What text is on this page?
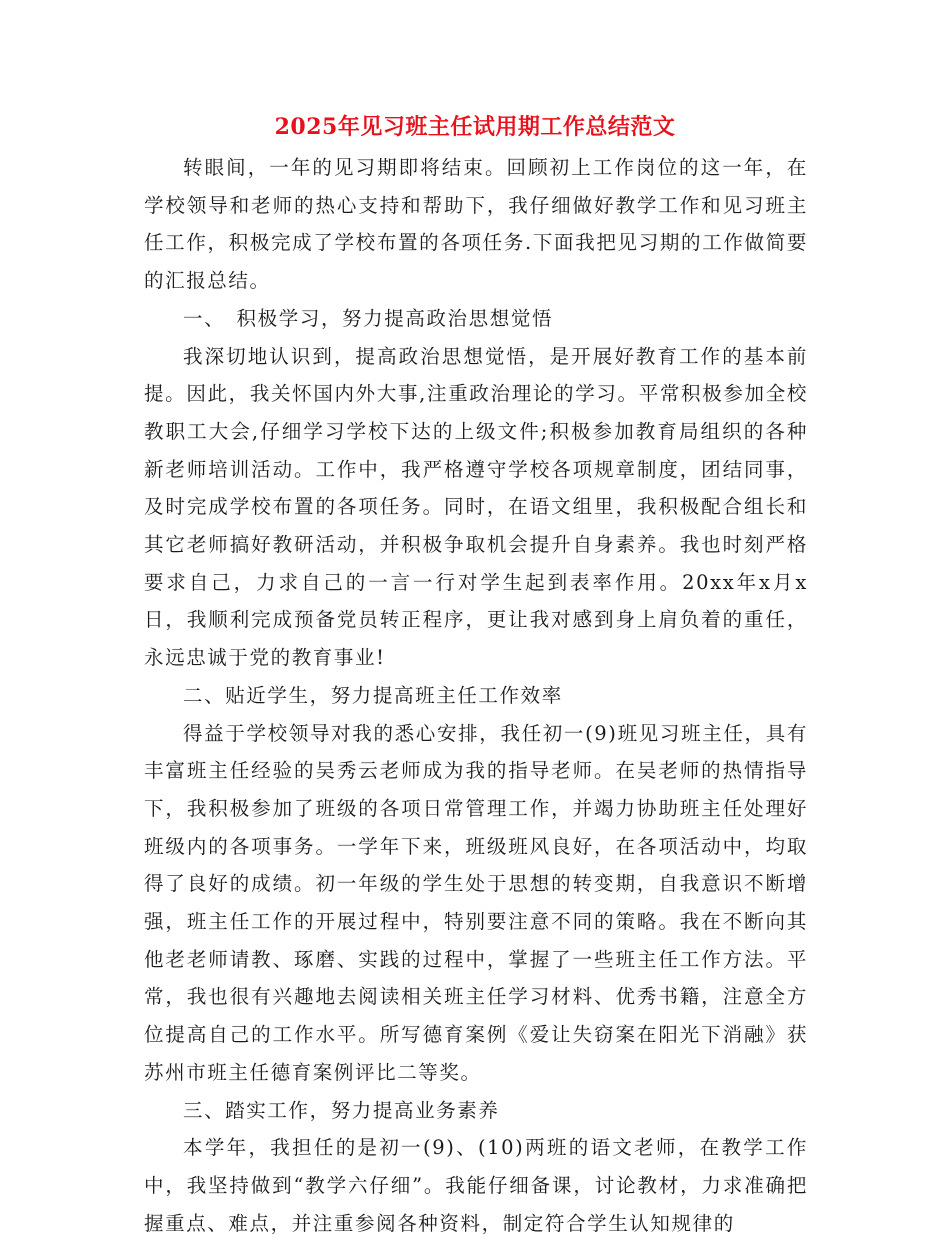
2025年见习班主任试用期工作总结范文

转眼间，一年的见习期即将结束。回顾初上工作岗位的这一年，在学校领导和老师的热心支持和帮助下，我仔细做好教学工作和见习班主任工作，积极完成了学校布置的各项任务.下面我把见习期的工作做简要的汇报总结。

一、　积极学习，努力提高政治思想觉悟

我深切地认识到，提高政治思想觉悟，是开展好教育工作的基本前提。因此，我关怀国内外大事,注重政治理论的学习。平常积极参加全校教职工大会,仔细学习学校下达的上级文件;积极参加教育局组织的各种新老师培训活动。工作中，我严格遵守学校各项规章制度，团结同事，及时完成学校布置的各项任务。同时，在语文组里，我积极配合组长和其它老师搞好教研活动，并积极争取机会提升自身素养。我也时刻严格要求自己，力求自己的一言一行对学生起到表率作用。20xx年x月x日，我顺利完成预备党员转正程序，更让我对感到身上肩负着的重任，永远忠诚于党的教育事业!

二、贴近学生，努力提高班主任工作效率

得益于学校领导对我的悉心安排，我任初一(9)班见习班主任，具有丰富班主任经验的吴秀云老师成为我的指导老师。在吴老师的热情指导下，我积极参加了班级的各项日常管理工作，并竭力协助班主任处理好班级内的各项事务。一学年下来，班级班风良好，在各项活动中，均取得了良好的成绩。初一年级的学生处于思想的转变期，自我意识不断增强，班主任工作的开展过程中，特别要注意不同的策略。我在不断向其他老老师请教、琢磨、实践的过程中，掌握了一些班主任工作方法。平常，我也很有兴趣地去阅读相关班主任学习材料、优秀书籍，注意全方位提高自己的工作水平。所写德育案例《爱让失窃案在阳光下消融》获苏州市班主任德育案例评比二等奖。

三、踏实工作，努力提高业务素养

本学年，我担任的是初一(9)、(10)两班的语文老师，在教学工作中，我坚持做到“教学六仔细”。我能仔细备课，讨论教材，力求准确把握重点、难点，并注重参阅各种资料，制定符合学生认知规律的
